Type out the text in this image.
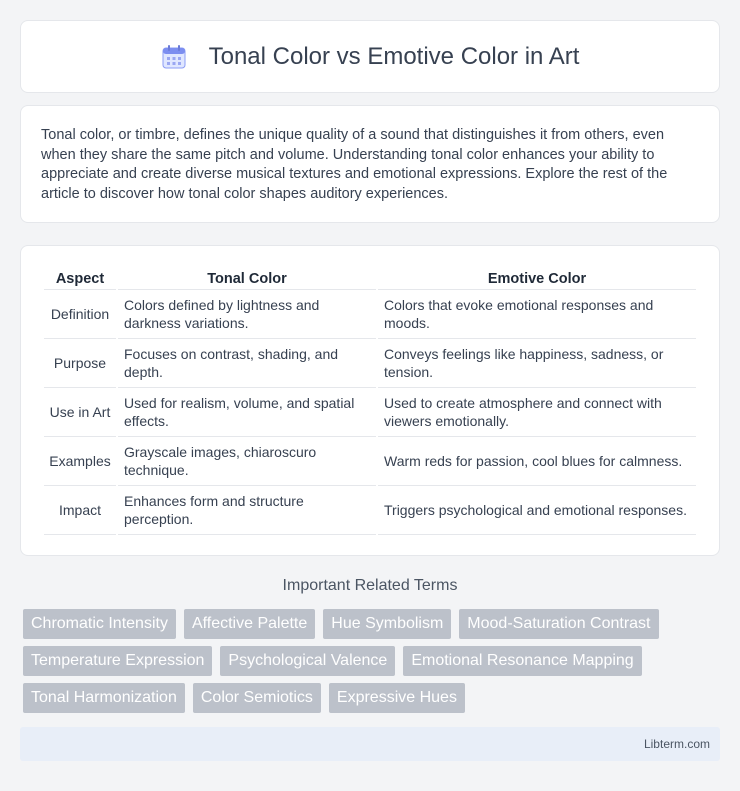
Tonal Color vs Emotive Color in Art

Tonal color, or timbre, defines the unique quality of a sound that distinguishes it from others, even when they share the same pitch and volume. Understanding tonal color enhances your ability to appreciate and create diverse musical textures and emotional expressions. Explore the rest of the article to discover how tonal color shapes auditory experiences.

Aspect	Tonal Color	Emotive Color
Definition	Colors defined by lightness and darkness variations.	Colors that evoke emotional responses and moods.
Purpose	Focuses on contrast, shading, and depth.	Conveys feelings like happiness, sadness, or tension.
Use in Art	Used for realism, volume, and spatial effects.	Used to create atmosphere and connect with viewers emotionally.
Examples	Grayscale images, chiaroscuro technique.	Warm reds for passion, cool blues for calmness.
Impact	Enhances form and structure perception.	Triggers psychological and emotional responses.
Important Related Terms
Chromatic Intensity	Affective Palette	Hue Symbolism	Mood-Saturation Contrast
Temperature Expression	Psychological Valence	Emotional Resonance Mapping
Tonal Harmonization	Color Semiotics	Expressive Hues
Libterm.com
